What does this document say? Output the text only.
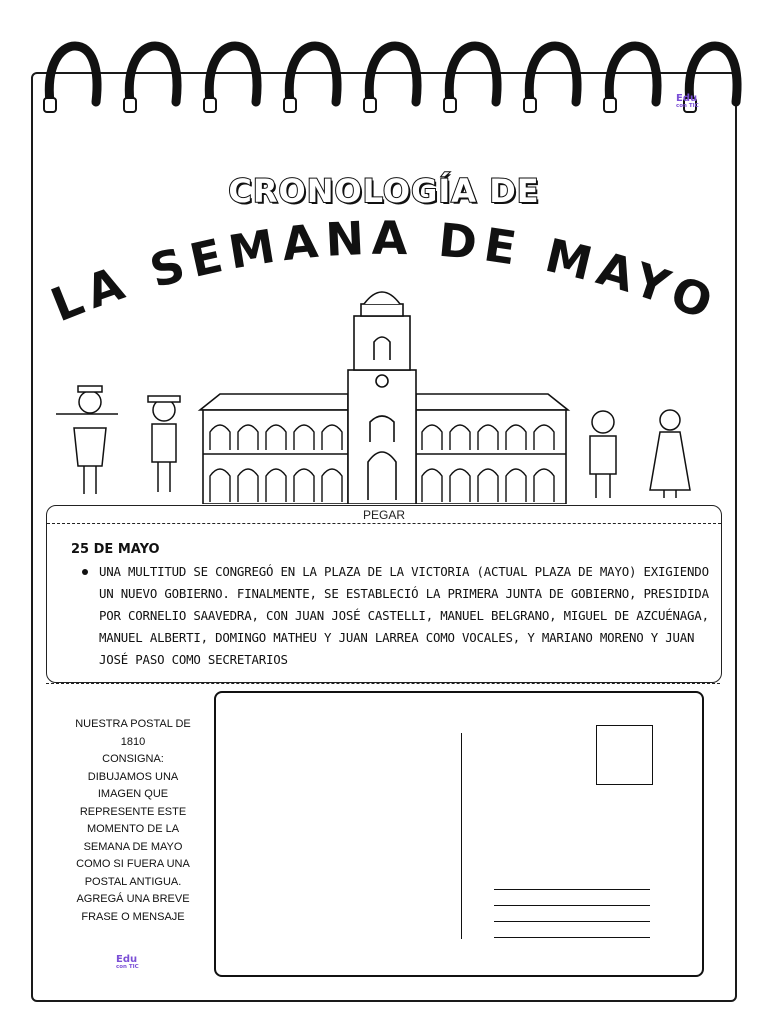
Edu
con TIC
CRONOLOGÍA DE
LA SEMANA DE MAYO
PEGAR
25 DE MAYO
UNA MULTITUD SE CONGREGÓ EN LA PLAZA DE LA VICTORIA (ACTUAL PLAZA DE MAYO) EXIGIENDO UN NUEVO GOBIERNO. FINALMENTE, SE ESTABLECIÓ LA PRIMERA JUNTA DE GOBIERNO, PRESIDIDA POR CORNELIO SAAVEDRA, CON JUAN JOSÉ CASTELLI, MANUEL BELGRANO, MIGUEL DE AZCUÉNAGA, MANUEL ALBERTI, DOMINGO MATHEU Y JUAN LARREA COMO VOCALES, Y MARIANO MORENO Y JUAN JOSÉ PASO COMO SECRETARIOS
NUESTRA POSTAL DE 1810
CONSIGNA:
DIBUJAMOS UNA IMAGEN QUE REPRESENTE ESTE MOMENTO DE LA SEMANA DE MAYO COMO SI FUERA UNA POSTAL ANTIGUA. AGREGÁ UNA BREVE FRASE O MENSAJE
Edu
con TIC
